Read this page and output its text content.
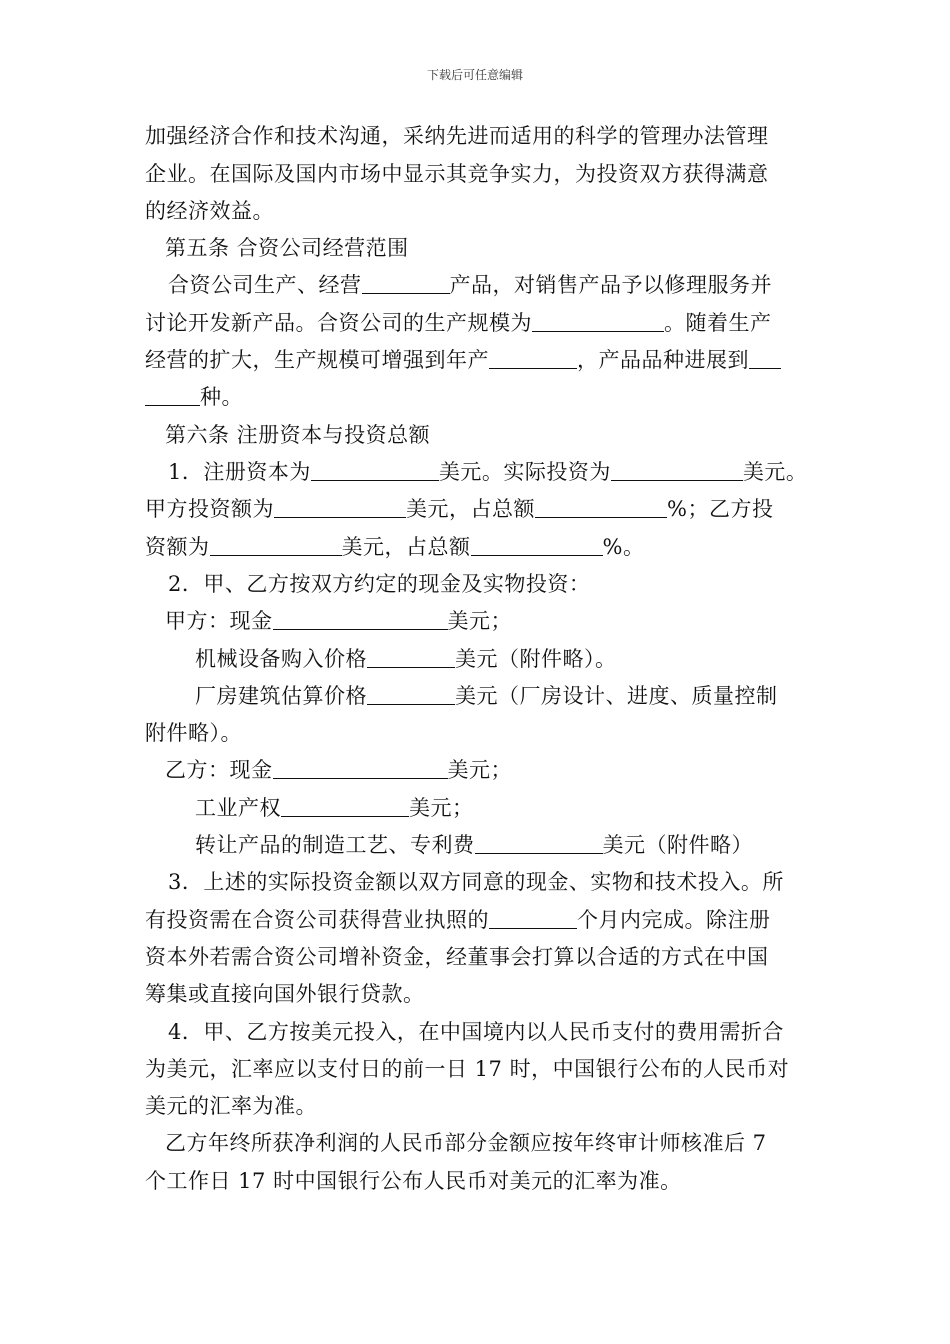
下载后可任意编辑

加强经济合作和技术沟通，采纳先进而适用的科学的管理办法管理

企业。在国际及国内市场中显示其竞争实力，为投资双方获得满意

的经济效益。

第五条 合资公司经营范围

合资公司生产、经营	产品，对销售产品予以修理服务并

讨论开发新产品。合资公司的生产规模为	。随着生产

经营的扩大，生产规模可增强到年产	，产品品种进展到

种。

第六条 注册资本与投资总额

1．注册资本为	美元。实际投资为	美元。

甲方投资额为	美元，占总额	%；乙方投

资额为	美元，占总额	%。

2．甲、乙方按双方约定的现金及实物投资：

甲方：现金	美元；

机械设备购入价格	美元（附件略）。

厂房建筑估算价格	美元（厂房设计、进度、质量控制

附件略）。

乙方：现金	美元；

工业产权	美元；

转让产品的制造工艺、专利费	美元（附件略）

3．上述的实际投资金额以双方同意的现金、实物和技术投入。所

有投资需在合资公司获得营业执照的	个月内完成。除注册

资本外若需合资公司增补资金，经董事会打算以合适的方式在中国

筹集或直接向国外银行贷款。

4．甲、乙方按美元投入，在中国境内以人民币支付的费用需折合

为美元，汇率应以支付日的前一日 17 时，中国银行公布的人民币对

美元的汇率为准。

乙方年终所获净利润的人民币部分金额应按年终审计师核准后 7

个工作日 17 时中国银行公布人民币对美元的汇率为准。
